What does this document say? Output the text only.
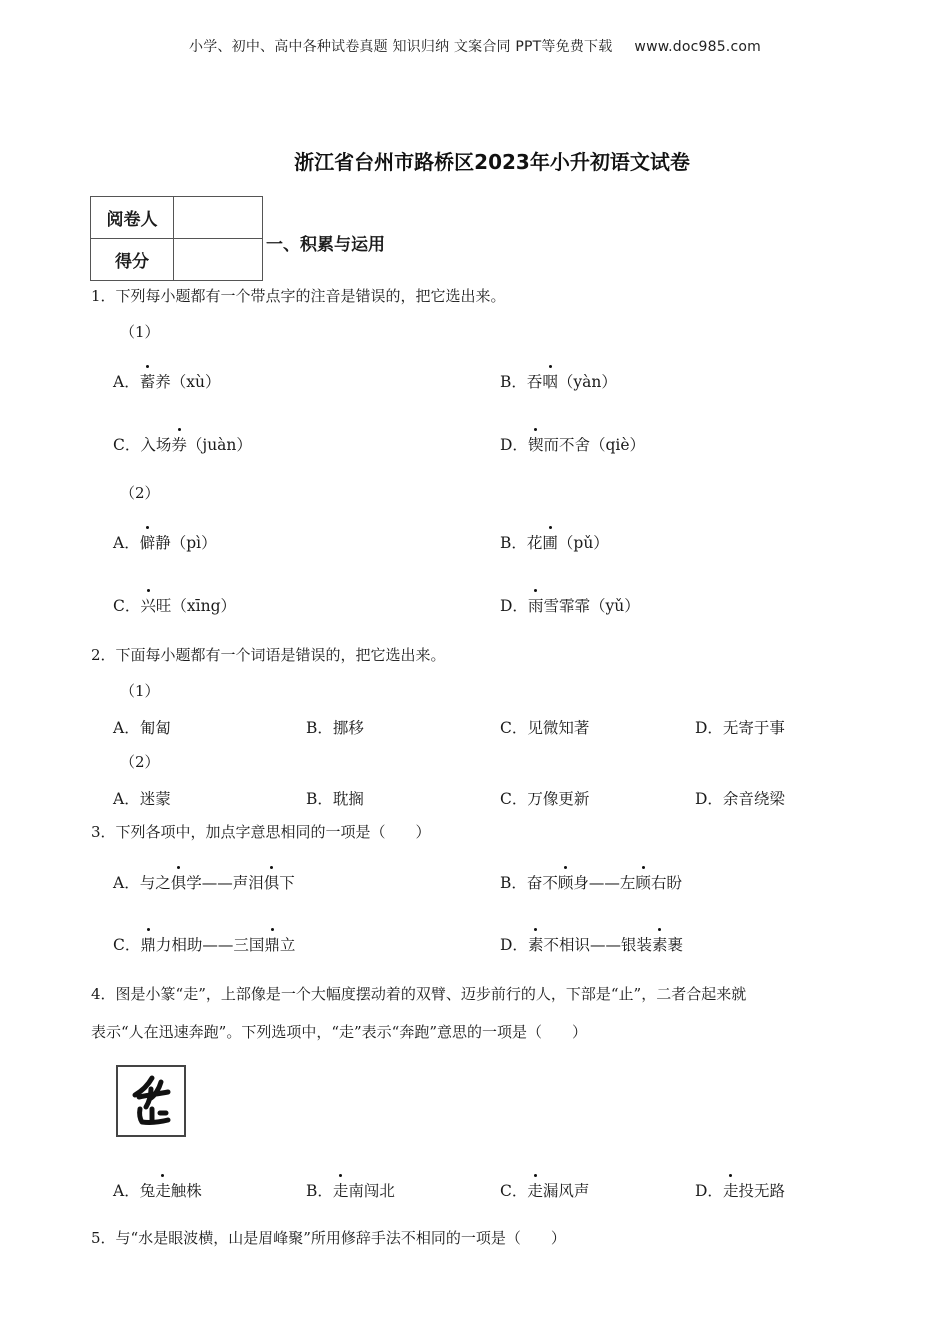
小学、初中、高中各种试卷真题 知识归纳 文案合同 PPT等免费下载 www.doc985.com
浙江省台州市路桥区2023年小升初语文试卷
阅卷人	
得分	
一、积累与运用
1．下列每小题都有一个带点字的注音是错误的，把它选出来。
（1）
A．蓄养（xù）	B．吞咽（yàn）
C．入场券（juàn）	D．锲而不舍（qiè）
（2）
A．僻静（pì）	B．花圃（pǔ）
C．兴旺（xīng）	D．雨雪霏霏（yǔ）
2．下面每小题都有一个词语是错误的，把它选出来。
（1）
A．匍匐	B．挪移	C．见微知著	D．无寄于事
（2）
A．迷蒙	B．耽搁	C．万像更新	D．余音绕梁
3．下列各项中，加点字意思相同的一项是（　　）
A．与之俱学——声泪俱下	B．奋不顾身——左顾右盼
C．鼎力相助——三国鼎立	D．素不相识——银装素裹
4．图是小篆“走”，上部像是一个大幅度摆动着的双臂、迈步前行的人，下部是“止”，二者合起来就
表示“人在迅速奔跑”。下列选项中，“走”表示“奔跑”意思的一项是（　　）
A．兔走触株	B．走南闯北	C．走漏风声	D．走投无路
5．与“水是眼波横，山是眉峰聚”所用修辞手法不相同的一项是（　　）
